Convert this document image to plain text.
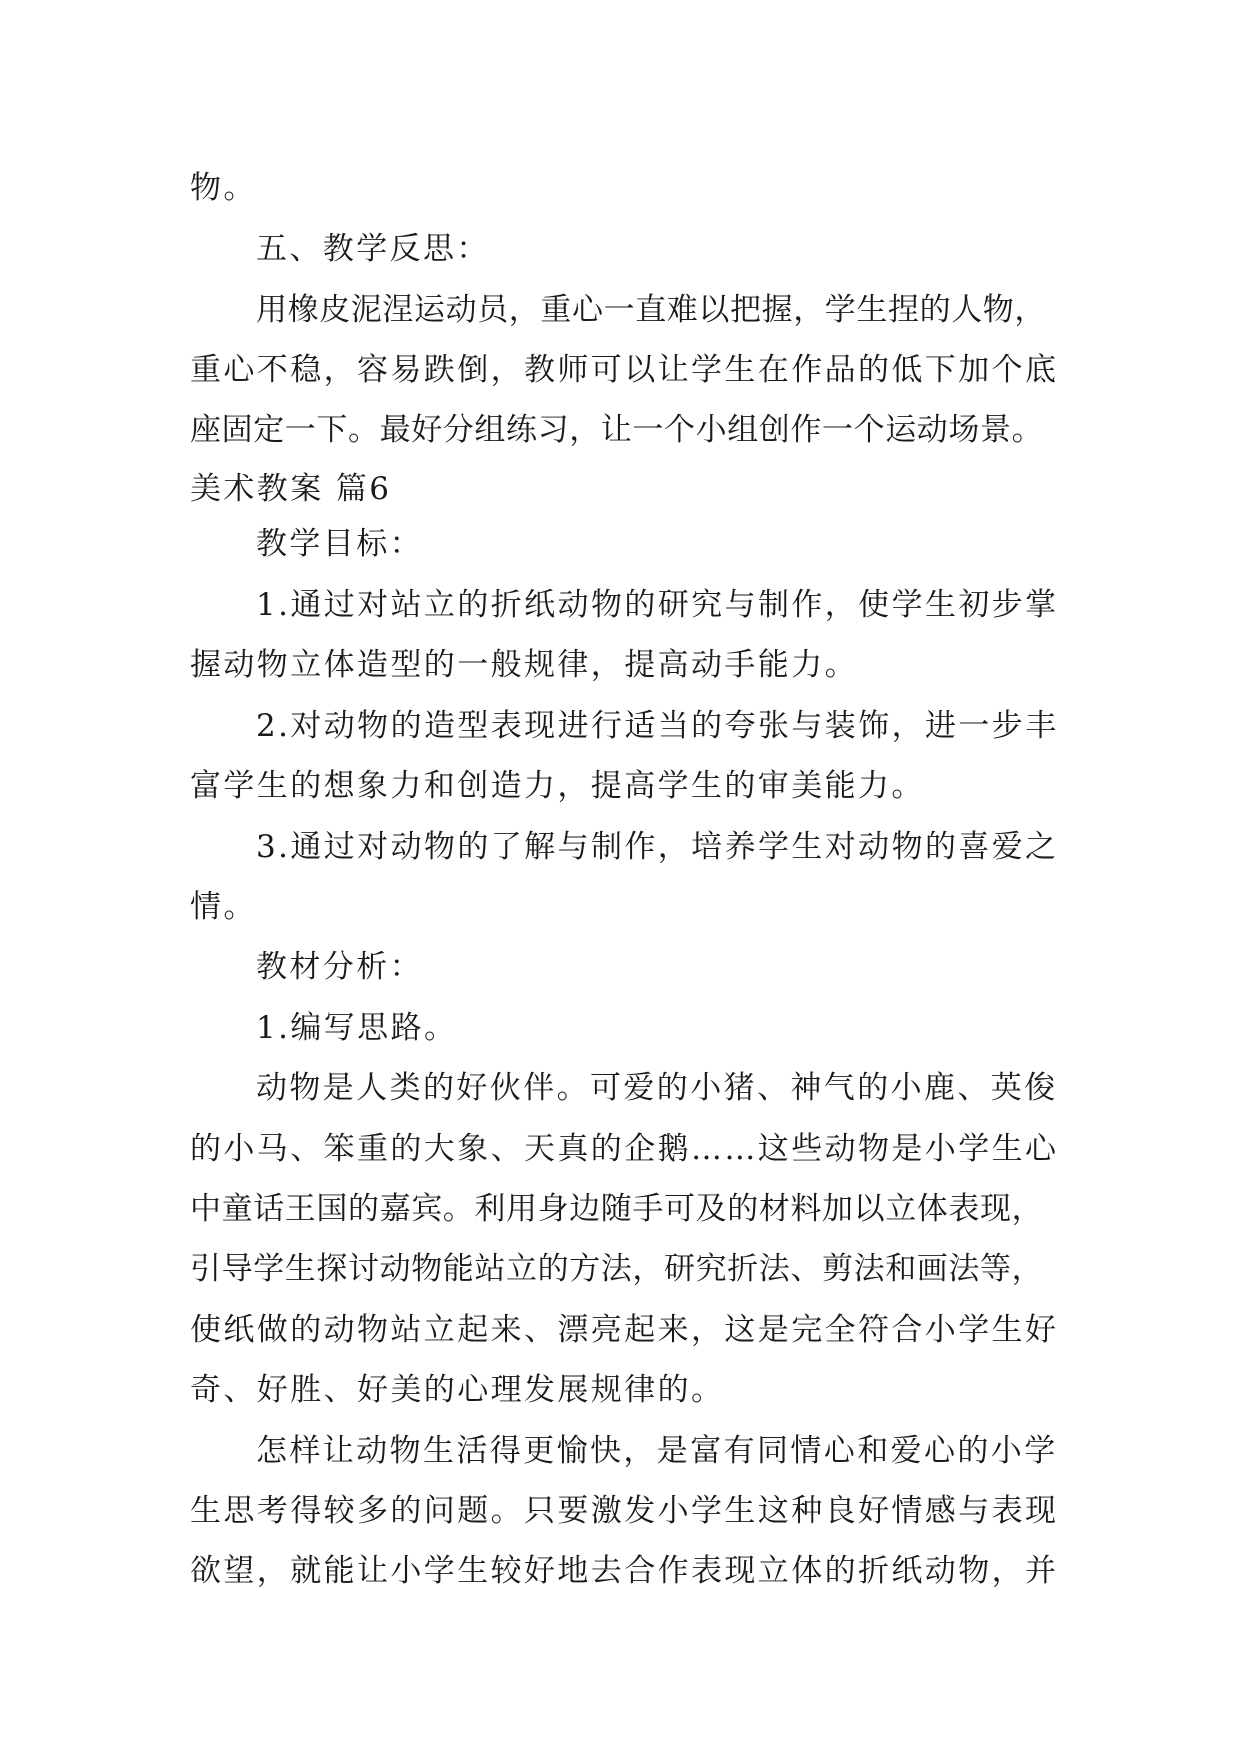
物。
五、教学反思：
用橡皮泥涅运动员，重心一直难以把握，学生捏的人物，
重心不稳，容易跌倒，教师可以让学生在作品的低下加个底
座固定一下。最好分组练习，让一个小组创作一个运动场景。
美术教案 篇6
教学目标：
1.通过对站立的折纸动物的研究与制作，使学生初步掌
握动物立体造型的一般规律，提高动手能力。
2.对动物的造型表现进行适当的夸张与装饰，进一步丰
富学生的想象力和创造力，提高学生的审美能力。
3.通过对动物的了解与制作，培养学生对动物的喜爱之
情。
教材分析：
1.编写思路。
动物是人类的好伙伴。可爱的小猪、神气的小鹿、英俊
的小马、笨重的大象、天真的企鹅……这些动物是小学生心
中童话王国的嘉宾。利用身边随手可及的材料加以立体表现，
引导学生探讨动物能站立的方法，研究折法、剪法和画法等，
使纸做的动物站立起来、漂亮起来，这是完全符合小学生好
奇、好胜、好美的心理发展规律的。
怎样让动物生活得更愉快，是富有同情心和爱心的小学
生思考得较多的问题。只要激发小学生这种良好情感与表现
欲望，就能让小学生较好地去合作表现立体的折纸动物，并
